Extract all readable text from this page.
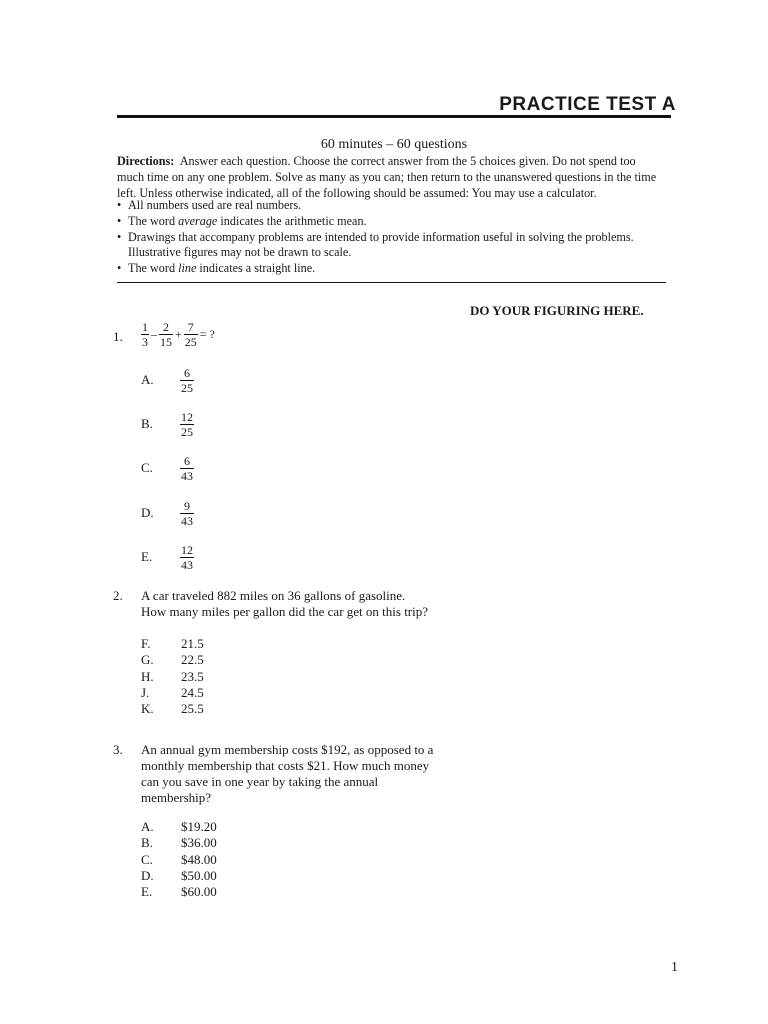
PRACTICE TEST A
60 minutes – 60 questions
Directions: Answer each question. Choose the correct answer from the 5 choices given. Do not spend too much time on any one problem. Solve as many as you can; then return to the unanswered questions in the time left. Unless otherwise indicated, all of the following should be assumed: You may use a calculator.
• All numbers used are real numbers.
• The word average indicates the arithmetic mean.
• Drawings that accompany problems are intended to provide information useful in solving the problems. Illustrative figures may not be drawn to scale.
• The word line indicates a straight line.
DO YOUR FIGURING HERE.
1. $\frac{1}{3} - \frac{2}{15} + \frac{7}{25}$ = ?
A. $\frac{6}{25}$
B. $\frac{12}{25}$
C. $\frac{6}{43}$
D. $\frac{9}{43}$
E. $\frac{12}{43}$
2. A car traveled 882 miles on 36 gallons of gasoline. How many miles per gallon did the car get on this trip?
F.	21.5
G.	22.5
H.	23.5
J.	24.5
K.	25.5
3. An annual gym membership costs $192, as opposed to a monthly membership that costs $21. How much money can you save in one year by taking the annual membership?
A.	$19.20
B.	$36.00
C.	$48.00
D.	$50.00
E.	$60.00
1
